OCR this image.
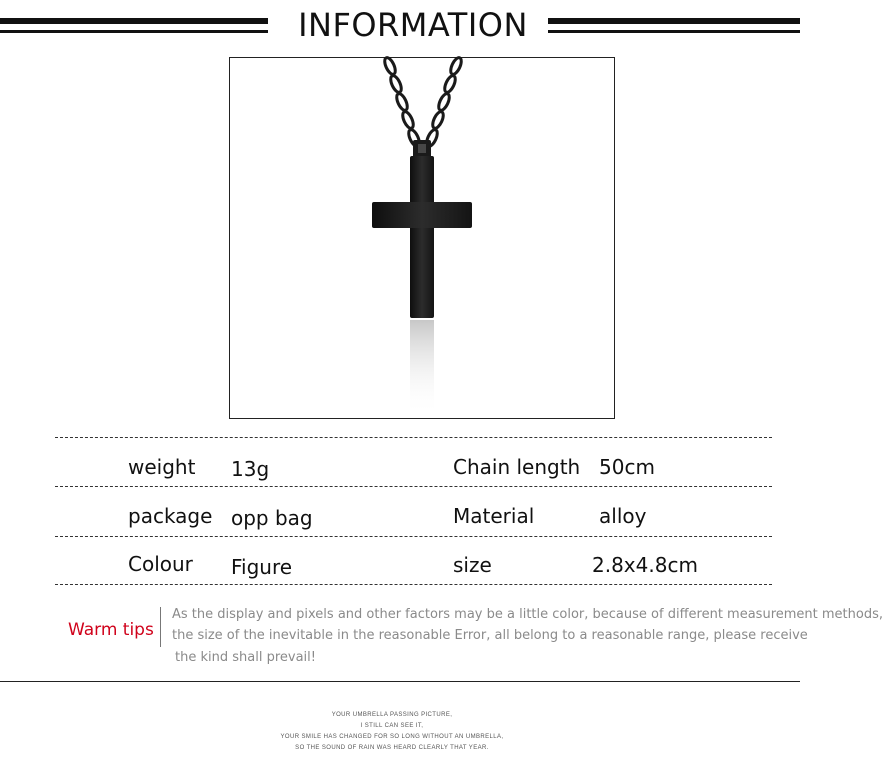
INFORMATION
weight 13g	Chain length 50cm
package opp bag	Material	alloy
Colour Figure	size	2.8x4.8cm
Warm tips
As the display and pixels and other factors may be a little color, because of different measurement methods,
the size of the inevitable in the reasonable Error, all belong to a reasonable range, please receive
the kind shall prevail!
YOUR UMBRELLA PASSING PICTURE,
I STILL CAN SEE IT,
YOUR SMILE HAS CHANGED FOR SO LONG WITHOUT AN UMBRELLA,
SO THE SOUND OF RAIN WAS HEARD CLEARLY THAT YEAR.
